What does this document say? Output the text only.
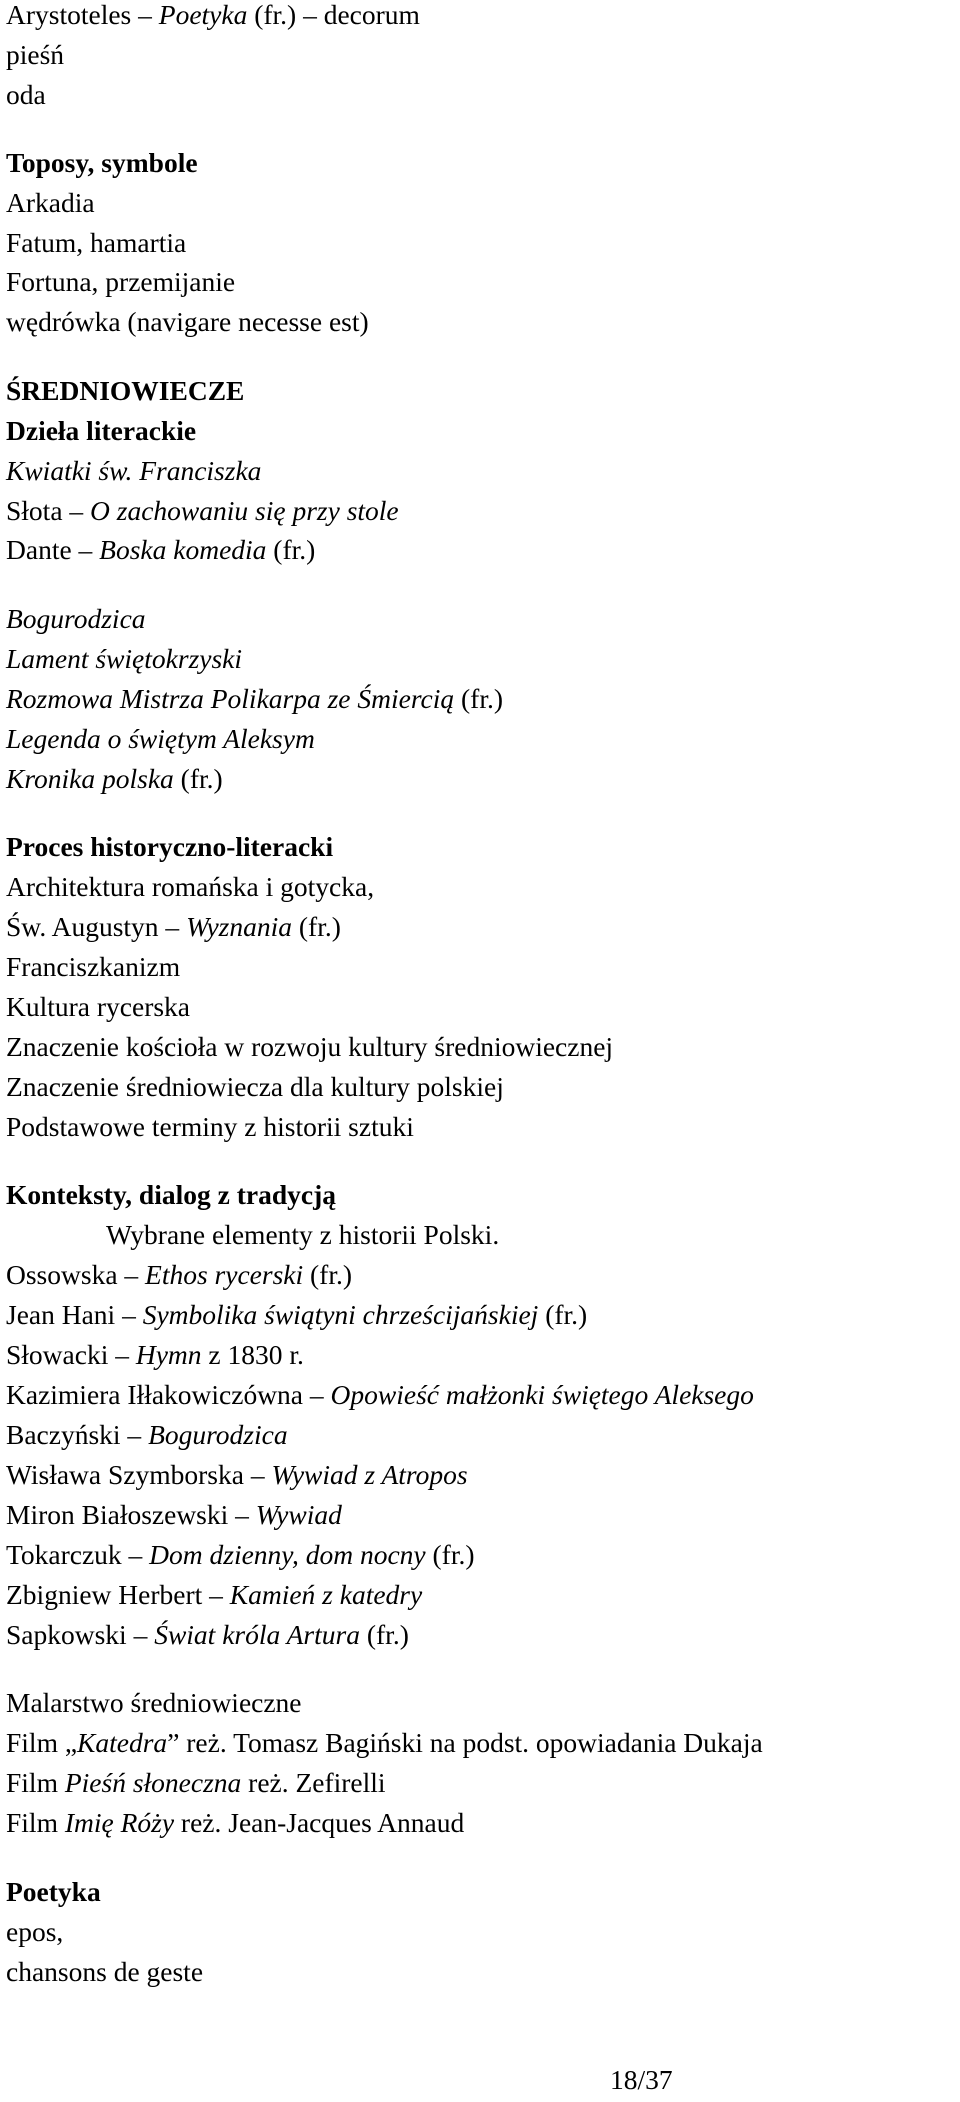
Arystoteles – Poetyka (fr.) – decorum

pieśń

oda

Toposy, symbole

Arkadia

Fatum, hamartia

Fortuna, przemijanie

wędrówka (navigare necesse est)

ŚREDNIOWIECZE

Dzieła literackie

Kwiatki św. Franciszka

Słota – O zachowaniu się przy stole

Dante – Boska komedia (fr.)

Bogurodzica

Lament świętokrzyski

Rozmowa Mistrza Polikarpa ze Śmiercią (fr.)

Legenda o świętym Aleksym

Kronika polska (fr.)

Proces historyczno-literacki

Architektura romańska i gotycka,

Św. Augustyn – Wyznania (fr.)

Franciszkanizm

Kultura rycerska

Znaczenie kościoła w rozwoju kultury średniowiecznej

Znaczenie średniowiecza dla kultury polskiej

Podstawowe terminy z historii sztuki

Konteksty, dialog z tradycją

Wybrane elementy z historii Polski.

Ossowska – Ethos rycerski (fr.)

Jean Hani – Symbolika świątyni chrześcijańskiej (fr.)

Słowacki – Hymn z 1830 r.

Kazimiera Iłłakowiczówna – Opowieść małżonki świętego Aleksego

Baczyński – Bogurodzica

Wisława Szymborska – Wywiad z Atropos

Miron Białoszewski – Wywiad

Tokarczuk – Dom dzienny, dom nocny (fr.)

Zbigniew Herbert – Kamień z katedry

Sapkowski – Świat króla Artura (fr.)

Malarstwo średniowieczne

Film „Katedra” reż. Tomasz Bagiński na podst. opowiadania Dukaja

Film Pieśń słoneczna reż. Zefirelli

Film Imię Róży reż. Jean-Jacques Annaud

Poetyka

epos,

chansons de geste

18/37
